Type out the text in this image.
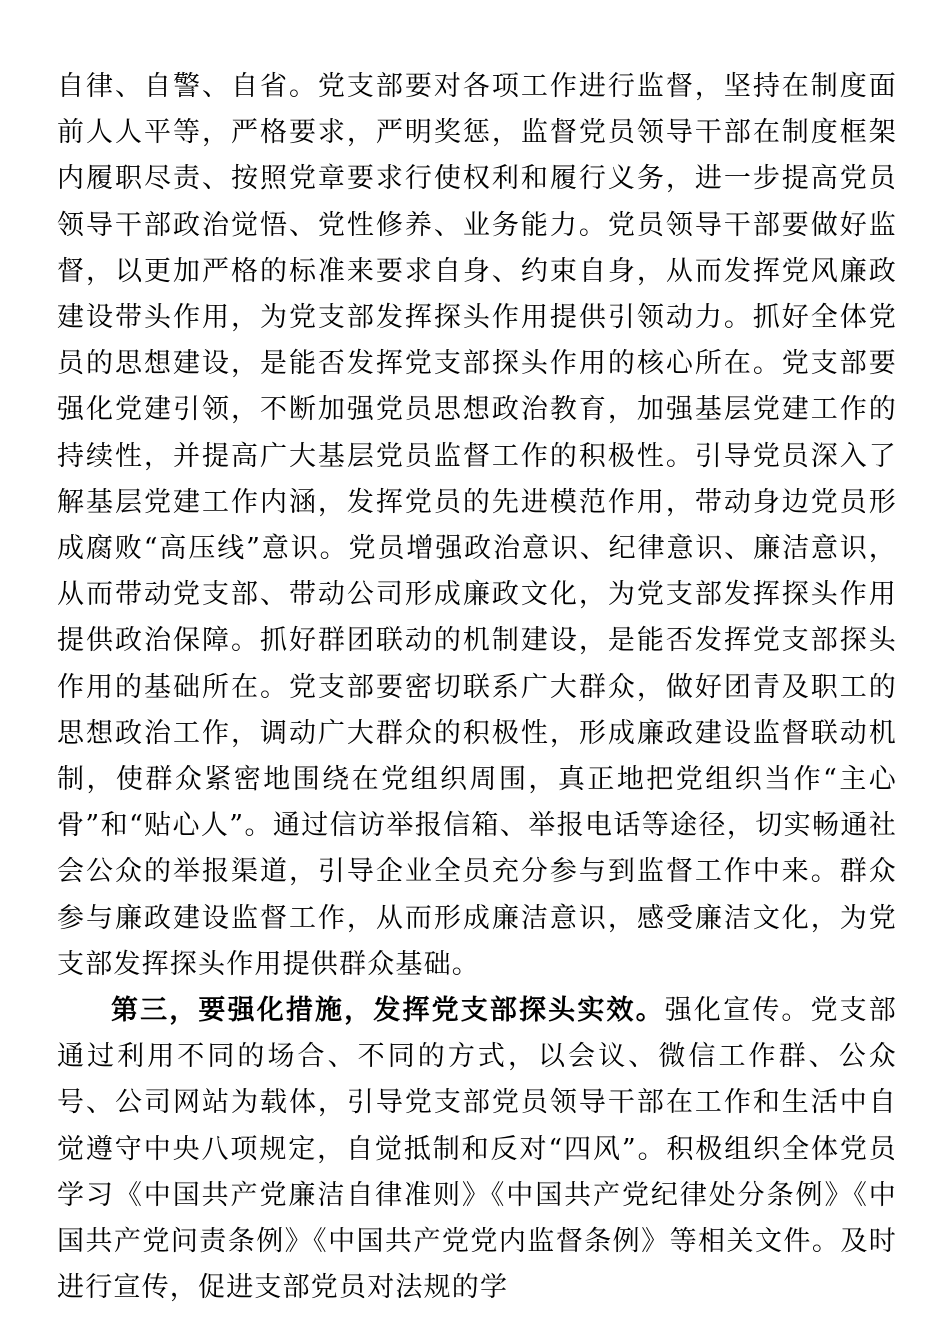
自律、自警、自省。党支部要对各项工作进行监督，坚持在制度面前人人平等，严格要求，严明奖惩，监督党员领导干部在制度框架内履职尽责、按照党章要求行使权利和履行义务，进一步提高党员领导干部政治觉悟、党性修养、业务能力。党员领导干部要做好监督，以更加严格的标准来要求自身、约束自身，从而发挥党风廉政建设带头作用，为党支部发挥探头作用提供引领动力。抓好全体党员的思想建设，是能否发挥党支部探头作用的核心所在。党支部要强化党建引领，不断加强党员思想政治教育，加强基层党建工作的持续性，并提高广大基层党员监督工作的积极性。引导党员深入了解基层党建工作内涵，发挥党员的先进模范作用，带动身边党员形成腐败“高压线”意识。党员增强政治意识、纪律意识、廉洁意识，从而带动党支部、带动公司形成廉政文化，为党支部发挥探头作用提供政治保障。抓好群团联动的机制建设，是能否发挥党支部探头作用的基础所在。党支部要密切联系广大群众，做好团青及职工的思想政治工作，调动广大群众的积极性，形成廉政建设监督联动机制，使群众紧密地围绕在党组织周围，真正地把党组织当作“主心骨”和“贴心人”。通过信访举报信箱、举报电话等途径，切实畅通社会公众的举报渠道，引导企业全员充分参与到监督工作中来。群众参与廉政建设监督工作，从而形成廉洁意识，感受廉洁文化，为党支部发挥探头作用提供群众基础。

第三，要强化措施，发挥党支部探头实效。强化宣传。党支部通过利用不同的场合、不同的方式，以会议、微信工作群、公众号、公司网站为载体，引导党支部党员领导干部在工作和生活中自觉遵守中央八项规定，自觉抵制和反对“四风”。积极组织全体党员学习《中国共产党廉洁自律准则》《中国共产党纪律处分条例》《中国共产党问责条例》《中国共产党党内监督条例》等相关文件。及时进行宣传，促进支部党员对法规的学
